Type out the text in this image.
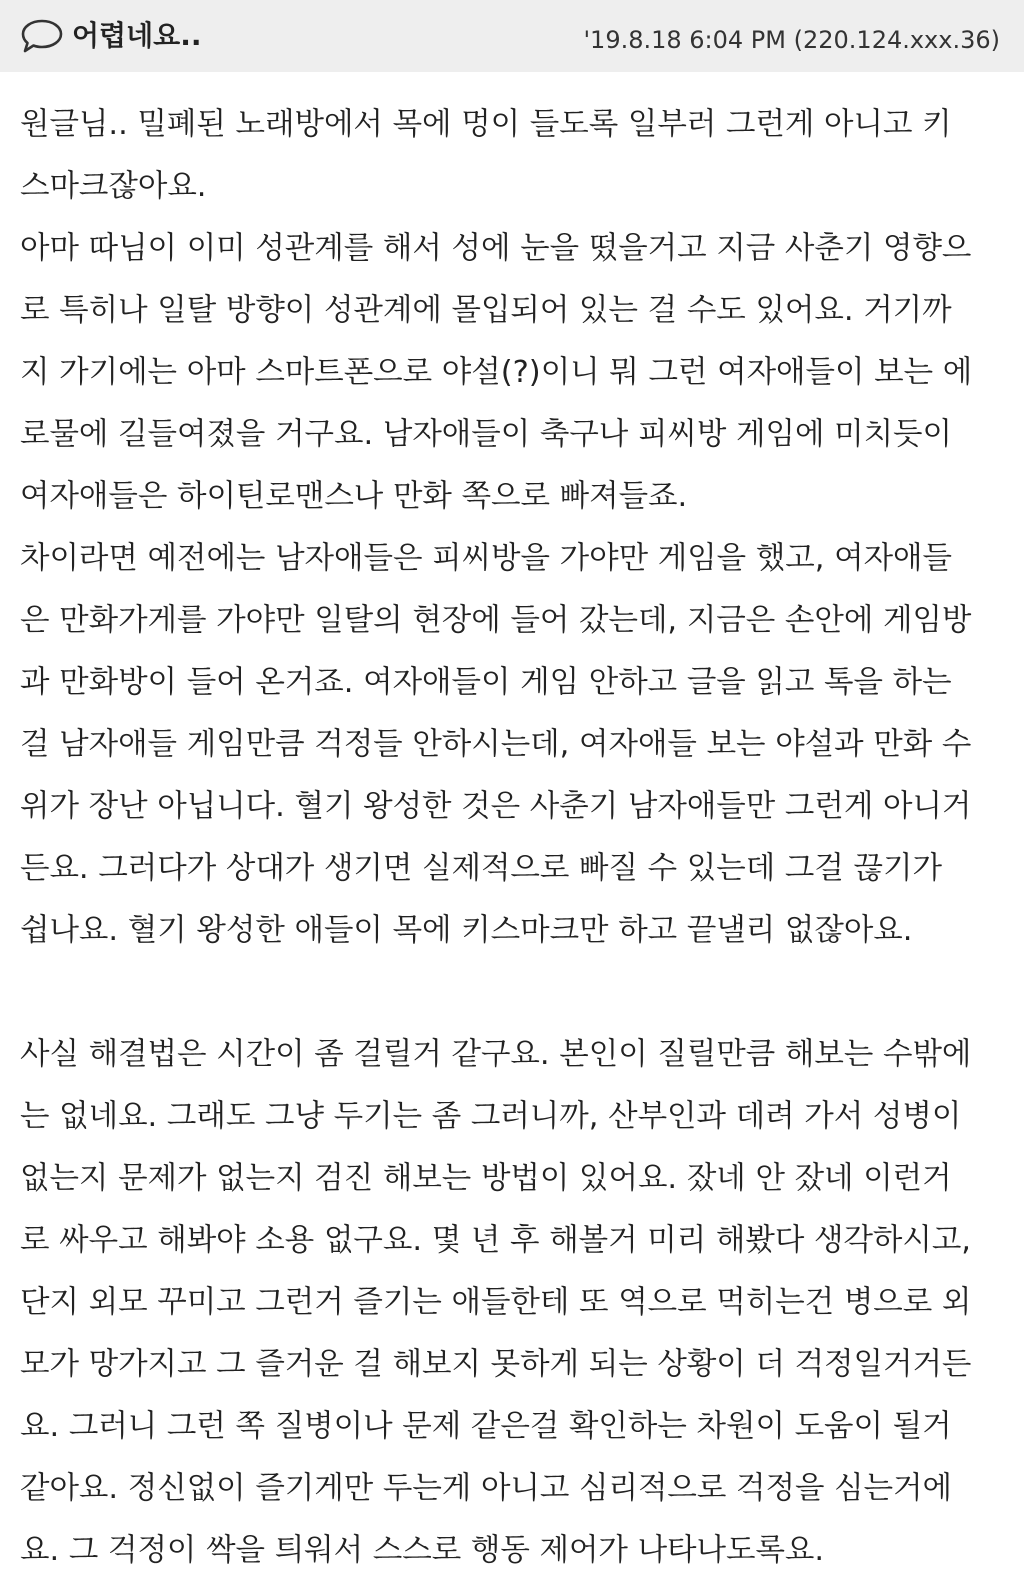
어렵네요..	'19.8.18 6:04 PM (220.124.xxx.36)
원글님.. 밀폐된 노래방에서 목에 멍이 들도록 일부러 그런게 아니고 키
스마크잖아요.
아마 따님이 이미 성관계를 해서 성에 눈을 떴을거고 지금 사춘기 영향으
로 특히나 일탈 방향이 성관계에 몰입되어 있는 걸 수도 있어요. 거기까
지 가기에는 아마 스마트폰으로 야설(?)이니 뭐 그런 여자애들이 보는 에
로물에 길들여졌을 거구요. 남자애들이 축구나 피씨방 게임에 미치듯이
여자애들은 하이틴로맨스나 만화 쪽으로 빠져들죠.
차이라면 예전에는 남자애들은 피씨방을 가야만 게임을 했고, 여자애들
은 만화가게를 가야만 일탈의 현장에 들어 갔는데, 지금은 손안에 게임방
과 만화방이 들어 온거죠. 여자애들이 게임 안하고 글을 읽고 톡을 하는
걸 남자애들 게임만큼 걱정들 안하시는데, 여자애들 보는 야설과 만화 수
위가 장난 아닙니다. 혈기 왕성한 것은 사춘기 남자애들만 그런게 아니거
든요. 그러다가 상대가 생기면 실제적으로 빠질 수 있는데 그걸 끊기가
쉽나요. 혈기 왕성한 애들이 목에 키스마크만 하고 끝낼리 없잖아요.
사실 해결법은 시간이 좀 걸릴거 같구요. 본인이 질릴만큼 해보는 수밖에
는 없네요. 그래도 그냥 두기는 좀 그러니까, 산부인과 데려 가서 성병이
없는지 문제가 없는지 검진 해보는 방법이 있어요. 잤네 안 잤네 이런거
로 싸우고 해봐야 소용 없구요. 몇 년 후 해볼거 미리 해봤다 생각하시고,
단지 외모 꾸미고 그런거 즐기는 애들한테 또 역으로 먹히는건 병으로 외
모가 망가지고 그 즐거운 걸 해보지 못하게 되는 상황이 더 걱정일거거든
요. 그러니 그런 쪽 질병이나 문제 같은걸 확인하는 차원이 도움이 될거
같아요. 정신없이 즐기게만 두는게 아니고 심리적으로 걱정을 심는거에
요. 그 걱정이 싹을 틔워서 스스로 행동 제어가 나타나도록요.
